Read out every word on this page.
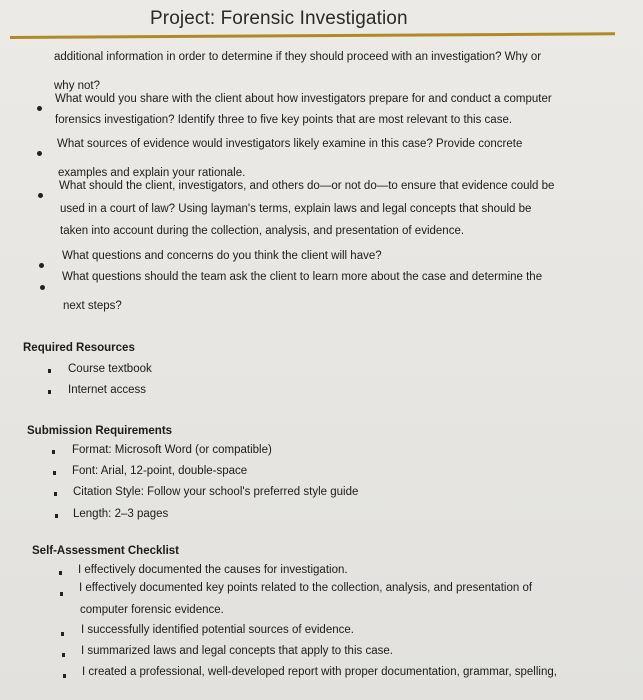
Project: Forensic Investigation
additional information in order to determine if they should proceed with an investigation? Why or
why not?
What would you share with the client about how investigators prepare for and conduct a computer
forensics investigation? Identify three to five key points that are most relevant to this case.
What sources of evidence would investigators likely examine in this case? Provide concrete
examples and explain your rationale.
What should the client, investigators, and others do—or not do—to ensure that evidence could be
used in a court of law? Using layman's terms, explain laws and legal concepts that should be
taken into account during the collection, analysis, and presentation of evidence.
What questions and concerns do you think the client will have?
What questions should the team ask the client to learn more about the case and determine the
next steps?
Required Resources
Course textbook
Internet access
Submission Requirements
Format: Microsoft Word (or compatible)
Font: Arial, 12-point, double-space
Citation Style: Follow your school's preferred style guide
Length: 2–3 pages
Self-Assessment Checklist
I effectively documented the causes for investigation.
I effectively documented key points related to the collection, analysis, and presentation of
computer forensic evidence.
I successfully identified potential sources of evidence.
I summarized laws and legal concepts that apply to this case.
I created a professional, well-developed report with proper documentation, grammar, spelling,
